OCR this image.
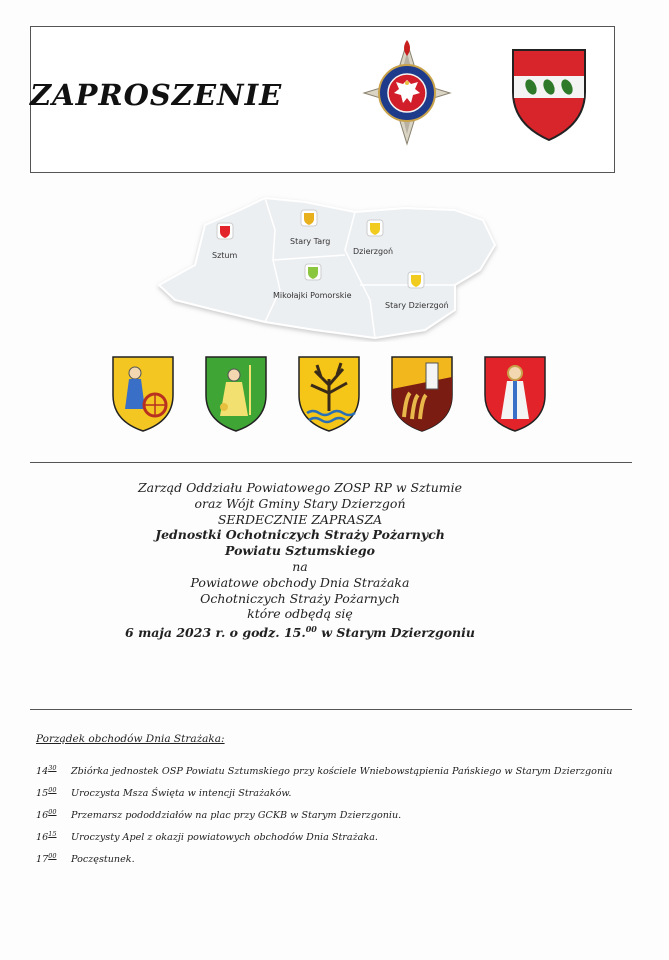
ZAPROSZENIE
Sztum
Stary Targ
Dzierzgoń
Mikołajki Pomorskie
Stary Dzierzgoń
Zarząd Oddziału Powiatowego ZOSP RP w Sztumie
oraz Wójt Gminy Stary Dzierzgoń
SERDECZNIE ZAPRASZA
Jednostki Ochotniczych Straży Pożarnych
Powiatu Sztumskiego
na
Powiatowe obchody Dnia Strażaka
Ochotniczych Straży Pożarnych
które odbędą się
6 maja 2023 r. o godz. 15.00 w Starym Dzierzgoniu
Porządek obchodów Dnia Strażaka:
$14^{30}$	Zbiórka jednostek OSP Powiatu Sztumskiego przy kościele Wniebowstąpienia Pańskiego w Starym Dzierzgoniu
$15^{00}$	Uroczysta Msza Święta w intencji Strażaków.
$16^{00}$	Przemarsz pododdziałów na plac przy GCKB w Starym Dzierzgoniu.
$16^{15}$	Uroczysty Apel z okazji powiatowych obchodów Dnia Strażaka.
$17^{00}$	Poczęstunek.
